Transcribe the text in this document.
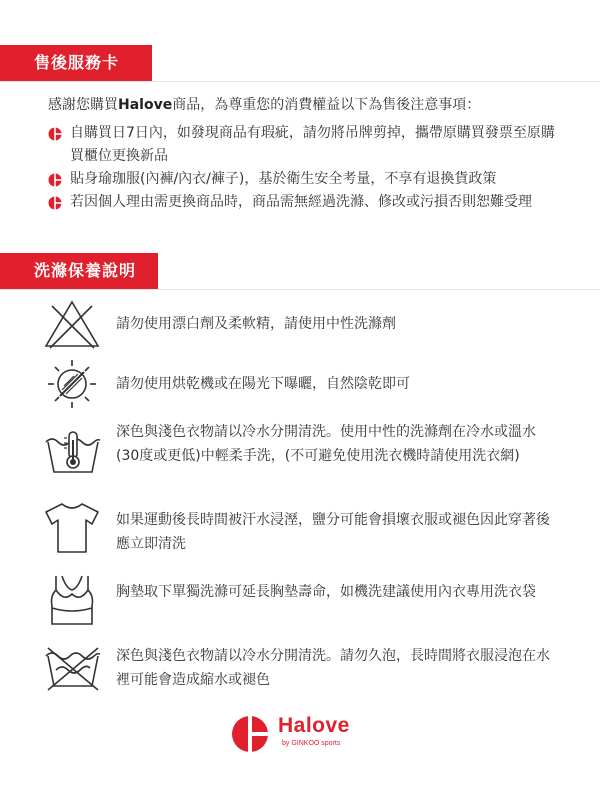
售後服務卡
感謝您購買Halove商品，為尊重您的消費權益以下為售後注意事項：
自購買日7日內，如發現商品有瑕疵，請勿將吊牌剪掉，攜帶原購買發票至原購買櫃位更換新品
貼身瑜珈服(內褲/內衣/褲子)，基於衛生安全考量，不享有退換貨政策
若因個人理由需更換商品時，商品需無經過洗滌、修改或污損否則恕難受理
洗滌保養說明
請勿使用漂白劑及柔軟精，請使用中性洗滌劑
請勿使用烘乾機或在陽光下曝曬，自然陰乾即可
深色與淺色衣物請以冷水分開清洗。使用中性的洗滌劑在冷水或溫水(30度或更低)中輕柔手洗，(不可避免使用洗衣機時請使用洗衣網)
如果運動後長時間被汗水浸溼，鹽分可能會損壞衣服或褪色因此穿著後應立即清洗
胸墊取下單獨洗滌可延長胸墊壽命，如機洗建議使用內衣專用洗衣袋
深色與淺色衣物請以冷水分開清洗。請勿久泡，長時間將衣服浸泡在水裡可能會造成縮水或褪色
Halove
by GINKOO sports
